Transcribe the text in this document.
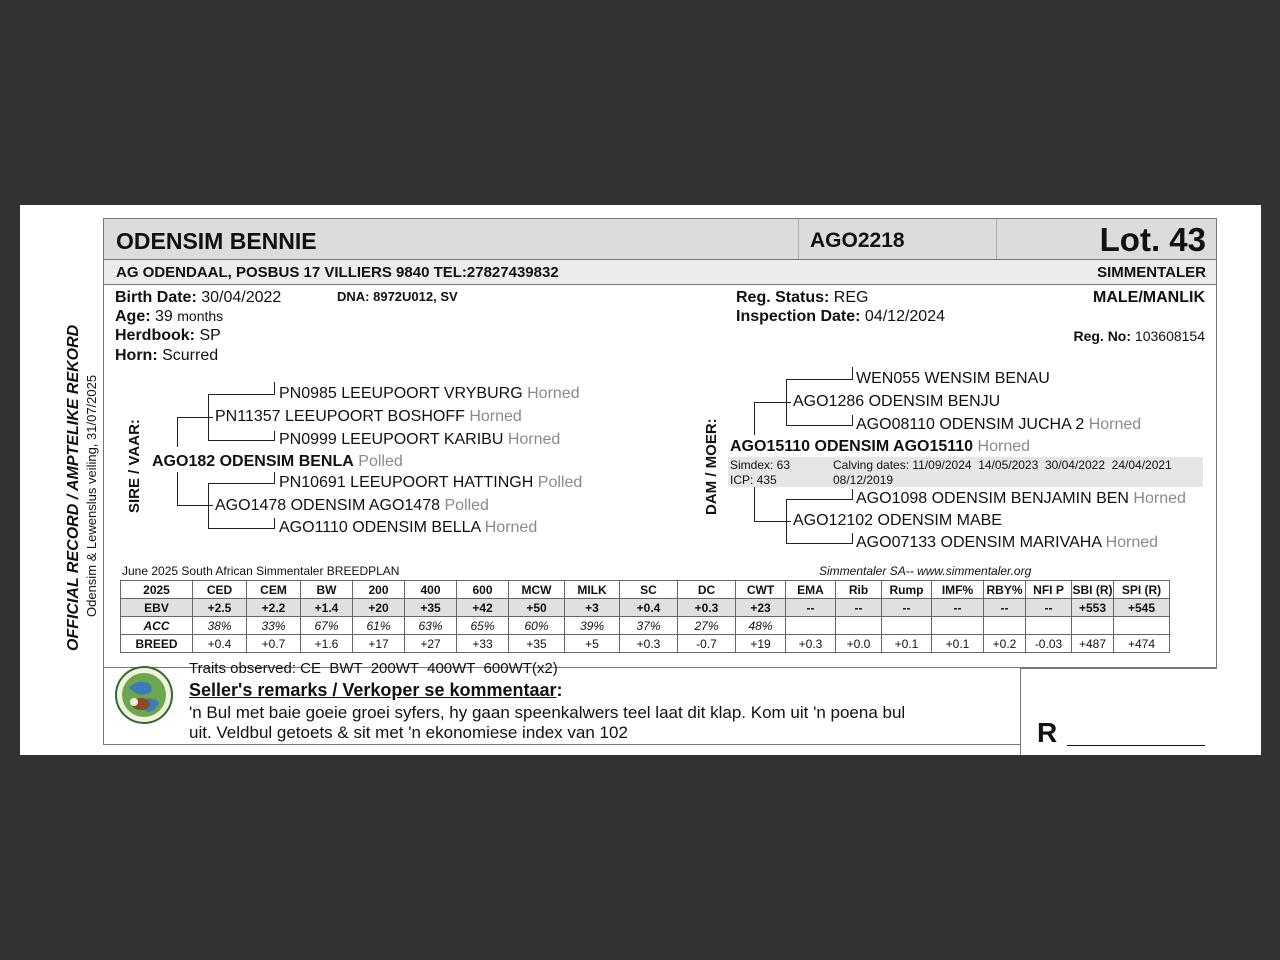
ODENSIM BENNIE	AGO2218	Lot. 43
AG ODENDAAL, POSBUS 17 VILLIERS 9840 TEL:27827439832	SIMMENTALER
R
OFFICIAL RECORD / AMPTELIKE REKORD Odensim & Lewenslus veiling, 31/07/2025
Birth Date: 30/04/2022	DNA: 8972U012, SV
Age: 39 months
Herdbook: SP
Horn: Scurred
Reg. Status: REG
Inspection Date: 04/12/2024
MALE/MANLIK
Reg. No: 103608154
SIRE / VAAR:
PN0985 LEEUPOORT VRYBURG Horned
PN11357 LEEUPOORT BOSHOFF Horned
PN0999 LEEUPOORT KARIBU Horned
AGO182 ODENSIM BENLA Polled
PN10691 LEEUPOORT HATTINGH Polled
AGO1478 ODENSIM AGO1478 Polled
AGO1110 ODENSIM BELLA Horned
DAM / MOER:
WEN055 WENSIM BENAU
AGO1286 ODENSIM BENJU
AGO08110 ODENSIM JUCHA 2 Horned
AGO15110 ODENSIM AGO15110 Horned
Simdex: 63
ICP: 435
Calving dates: 11/09/2024  14/05/2023  30/04/2022  24/04/2021
08/12/2019
AGO1098 ODENSIM BENJAMIN BEN Horned
AGO12102 ODENSIM MABE
AGO07133 ODENSIM MARIVAHA Horned
June 2025 South African Simmentaler BREEDPLAN	Simmentaler SA-- www.simmentaler.org
2025	CED	CEM	BW	200	400	600	MCW	MILK	SC	DC	CWT	EMA	Rib	Rump	IMF%	RBY%	NFI P	SBI (R)	SPI (R)
EBV	+2.5	+2.2	+1.4	+20	+35	+42	+50	+3	+0.4	+0.3	+23	--	--	--	--	--	--	+553	+545
ACC	38%	33%	67%	61%	63%	65%	60%	39%	37%	27%	48%								
BREED	+0.4	+0.7	+1.6	+17	+27	+33	+35	+5	+0.3	-0.7	+19	+0.3	+0.0	+0.1	+0.1	+0.2	-0.03	+487	+474
Traits observed: CE  BWT  200WT  400WT  600WT(x2)
Seller's remarks / Verkoper se kommentaar:
'n Bul met baie goeie groei syfers, hy gaan speenkalwers teel laat dit klap. Kom uit 'n poena bul
uit. Veldbul getoets & sit met 'n ekonomiese index van 102
